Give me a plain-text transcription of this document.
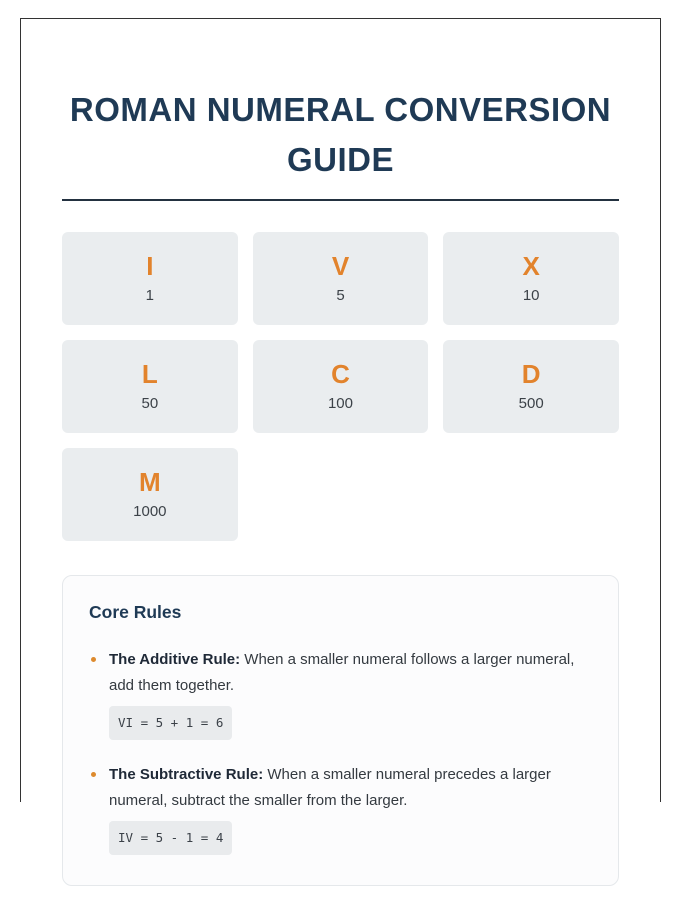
ROMAN NUMERAL CONVERSION GUIDE
I
1
V
5
X
10
L
50
C
100
D
500
M
1000
Core Rules
The Additive Rule: When a smaller numeral follows a larger numeral, add them together.
VI = 5 + 1 = 6
The Subtractive Rule: When a smaller numeral precedes a larger numeral, subtract the smaller from the larger.
IV = 5 - 1 = 4
